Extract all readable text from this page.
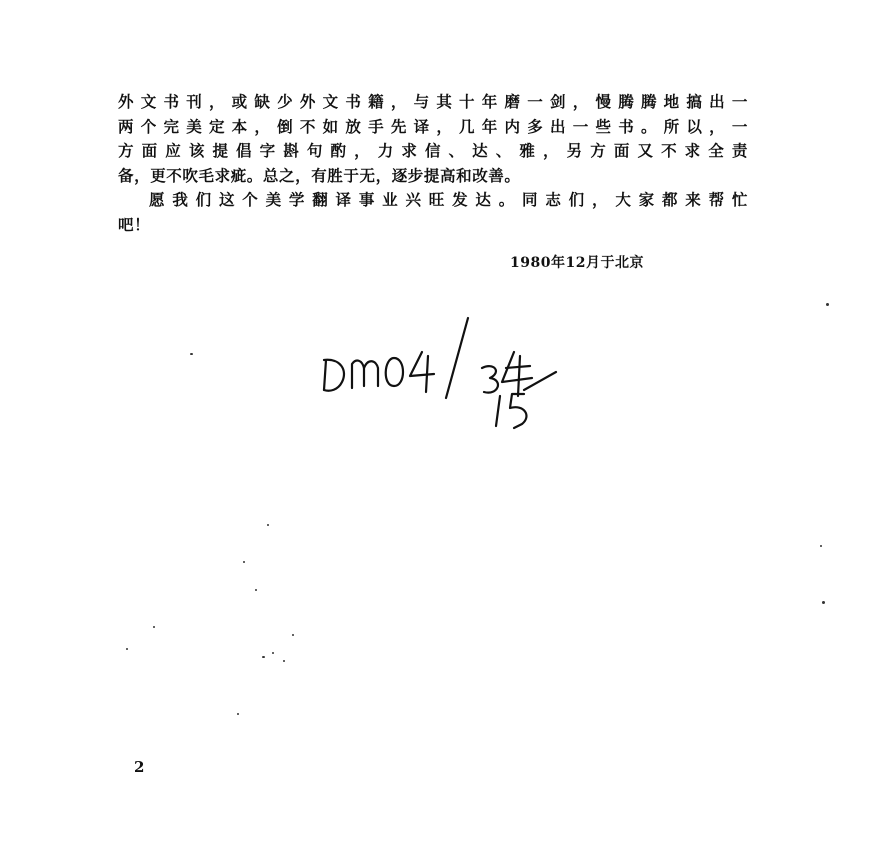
外文书刊，或缺少外文书籍，与其十年磨一剑，慢腾腾地搞出一
两个完美定本，倒不如放手先译，几年内多出一些书。所以，一
方面应该提倡字斟句酌，力求信、达、雅，另方面又不求全责
备，更不吹毛求疵。总之，有胜于无，逐步提高和改善。
愿我们这个美学翻译事业兴旺发达。同志们，大家都来帮忙
吧！
1980年12月于北京
2
